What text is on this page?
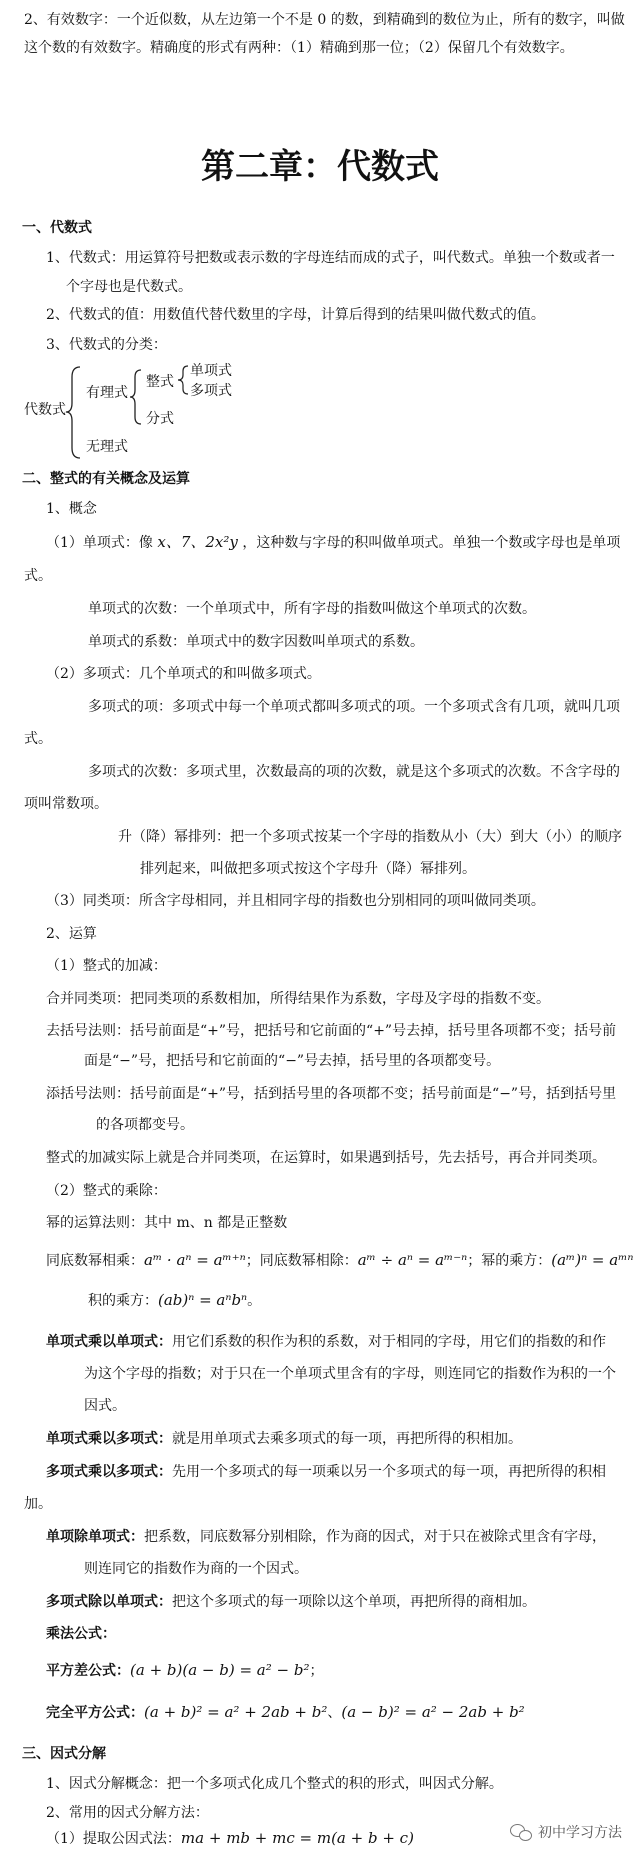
2、有效数字：一个近似数，从左边第一个不是 0 的数，到精确到的数位为止，所有的数字，叫做
这个数的有效数字。精确度的形式有两种：（1）精确到那一位；（2）保留几个有效数字。
第二章：代数式
一、代数式
1、代数式：用运算符号把数或表示数的字母连结而成的式子，叫代数式。单独一个数或者一
个字母也是代数式。
2、代数式的值：用数值代替代数里的字母，计算后得到的结果叫做代数式的值。
3、代数式的分类：
代数式
有理式
无理式
整式
分式
单项式
多项式
二、整式的有关概念及运算
1、概念
（1）单项式：像 x、7、2x²y ，这种数与字母的积叫做单项式。单独一个数或字母也是单项
式。
单项式的次数：一个单项式中，所有字母的指数叫做这个单项式的次数。
单项式的系数：单项式中的数字因数叫单项式的系数。
（2）多项式：几个单项式的和叫做多项式。
多项式的项：多项式中每一个单项式都叫多项式的项。一个多项式含有几项，就叫几项
式。
多项式的次数：多项式里，次数最高的项的次数，就是这个多项式的次数。不含字母的
项叫常数项。
升（降）幂排列：把一个多项式按某一个字母的指数从小（大）到大（小）的顺序
排列起来，叫做把多项式按这个字母升（降）幂排列。
（3）同类项：所含字母相同，并且相同字母的指数也分别相同的项叫做同类项。
2、运算
（1）整式的加减：
合并同类项：把同类项的系数相加，所得结果作为系数，字母及字母的指数不变。
去括号法则：括号前面是“+”号，把括号和它前面的“+”号去掉，括号里各项都不变；括号前
面是“−”号，把括号和它前面的“−”号去掉，括号里的各项都变号。
添括号法则：括号前面是“+”号，括到括号里的各项都不变；括号前面是“−”号，括到括号里
的各项都变号。
整式的加减实际上就是合并同类项，在运算时，如果遇到括号，先去括号，再合并同类项。
（2）整式的乘除：
幂的运算法则：其中 m、n 都是正整数
同底数幂相乘：aᵐ · aⁿ = aᵐ⁺ⁿ；同底数幂相除：aᵐ ÷ aⁿ = aᵐ⁻ⁿ；幂的乘方：(aᵐ)ⁿ = aᵐⁿ
积的乘方：(ab)ⁿ = aⁿbⁿ。
单项式乘以单项式：用它们系数的积作为积的系数，对于相同的字母，用它们的指数的和作
为这个字母的指数；对于只在一个单项式里含有的字母，则连同它的指数作为积的一个
因式。
单项式乘以多项式：就是用单项式去乘多项式的每一项，再把所得的积相加。
多项式乘以多项式：先用一个多项式的每一项乘以另一个多项式的每一项，再把所得的积相
加。
单项除单项式：把系数，同底数幂分别相除，作为商的因式，对于只在被除式里含有字母，
则连同它的指数作为商的一个因式。
多项式除以单项式：把这个多项式的每一项除以这个单项，再把所得的商相加。
乘法公式：
平方差公式：(a + b)(a − b) = a² − b²；
完全平方公式：(a + b)² = a² + 2ab + b²、(a − b)² = a² − 2ab + b²
三、因式分解
1、因式分解概念：把一个多项式化成几个整式的积的形式，叫因式分解。
2、常用的因式分解方法：
（1）提取公因式法：ma + mb + mc = m(a + b + c)	初中学习方法
